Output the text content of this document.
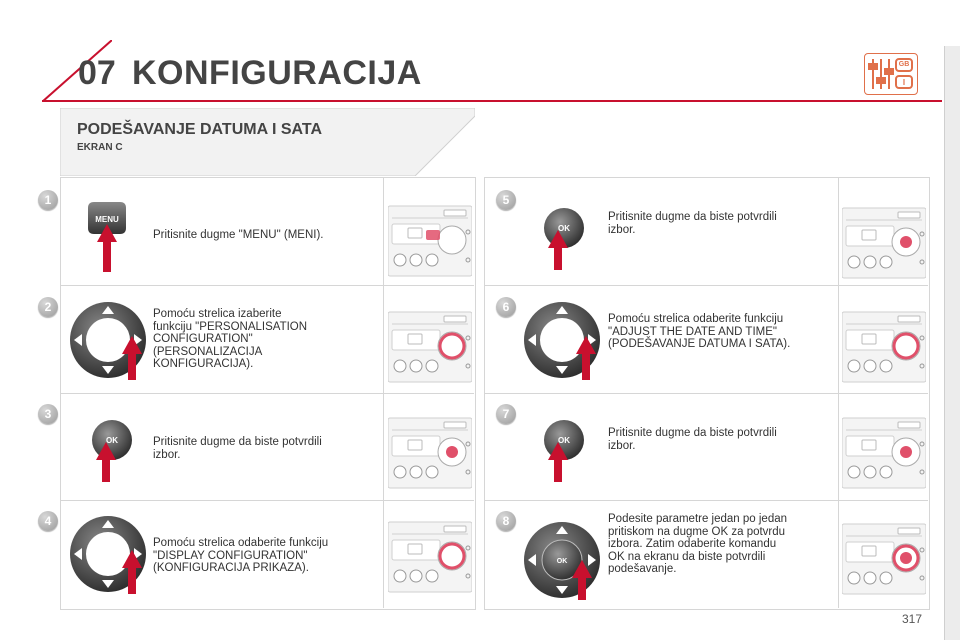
07 KONFIGURACIJA	GB
I
PODEŠAVANJE DATUMA I SATA
EKRAN C
1
MENU
Pritisnite dugme "MENU" (MENI).
2	Pomoću strelica izaberite
funkciju "PERSONALISATION
CONFIGURATION"
(PERSONALIZACIJA
KONFIGURACIJA).
3
OK	Pritisnite dugme da biste potvrdili
izbor.
4
Pomoću strelica odaberite funkciju
"DISPLAY CONFIGURATION"
(KONFIGURACIJA PRIKAZA).
5
OK
Pritisnite dugme da biste potvrdili
izbor.
6
Pomoću strelica odaberite funkciju
"ADJUST THE DATE AND TIME"
(PODEŠAVANJE DATUMA I SATA).
7
OK
Pritisnite dugme da biste potvrdili
izbor.
8
OK
Podesite parametre jedan po jedan
pritiskom na dugme OK za potvrdu
izbora. Zatim odaberite komandu
OK na ekranu da biste potvrdili
podešavanje.
317
